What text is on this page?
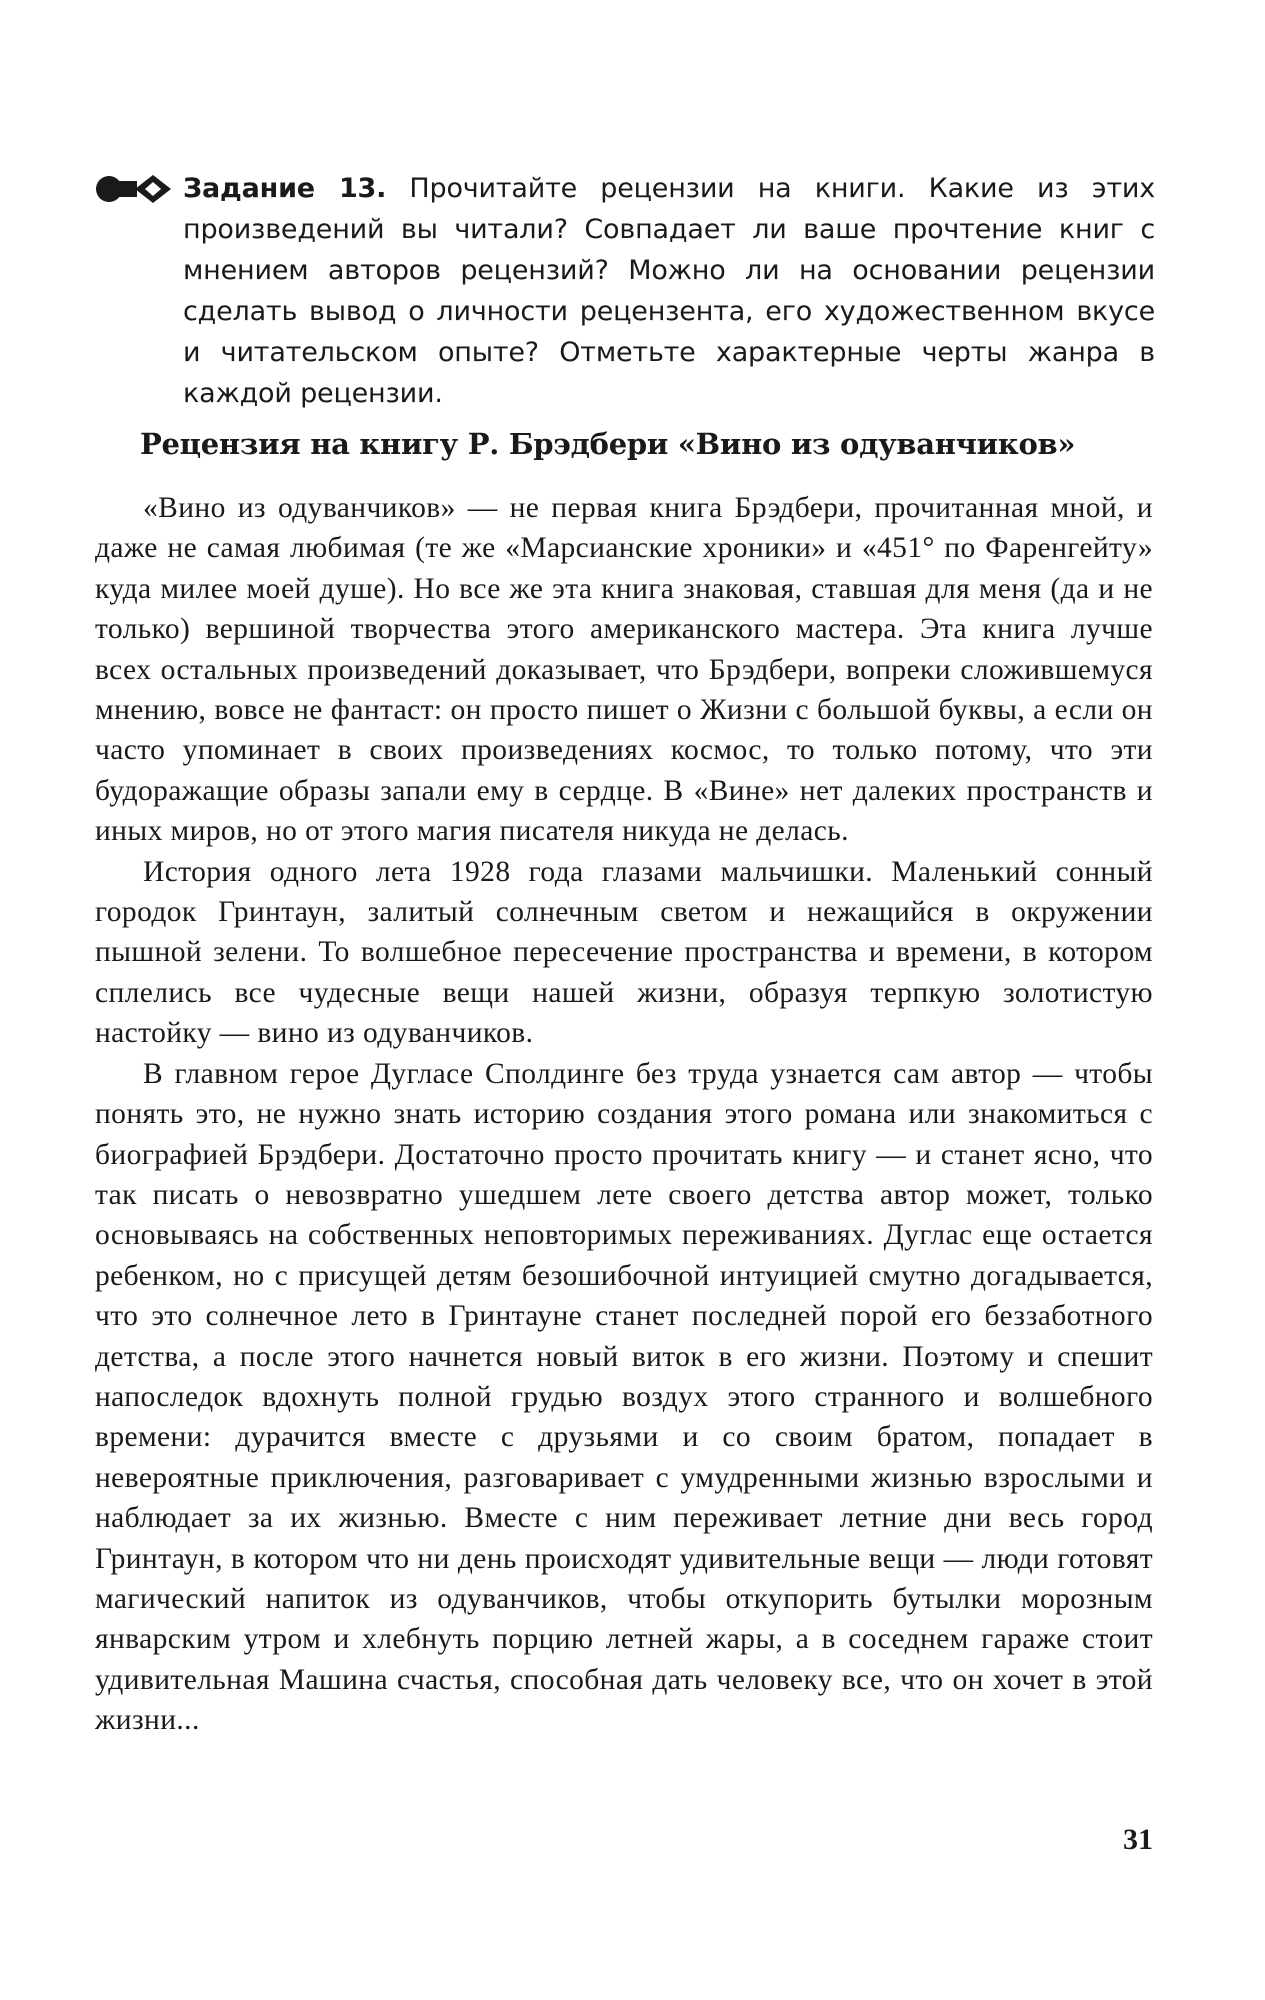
Задание 13. Прочитайте рецензии на книги. Какие из этих произведений вы читали? Совпадает ли ваше прочтение книг с мнением авторов рецензий? Можно ли на основании рецензии сделать вывод о личности рецензента, его художественном вкусе и читательском опыте? Отметьте характерные черты жанра в каждой рецензии.
Рецензия на книгу Р. Брэдбери «Вино из одуванчиков»

«Вино из одуванчиков» — не первая книга Брэдбери, прочитанная мной, и даже не самая любимая (те же «Марсианские хроники» и «451° по Фаренгейту» куда милее моей душе). Но все же эта книга знаковая, ставшая для меня (да и не только) вершиной творчества этого американского мастера. Эта книга лучше всех остальных произведений доказывает, что Брэдбери, вопреки сложившемуся мнению, вовсе не фантаст: он просто пишет о Жизни с большой буквы, а если он часто упоминает в своих произведениях космос, то только потому, что эти будоражащие образы запали ему в сердце. В «Вине» нет далеких пространств и иных миров, но от этого магия писателя никуда не делась.

История одного лета 1928 года глазами мальчишки. Маленький сонный городок Гринтаун, залитый солнечным светом и нежащийся в окружении пышной зелени. То волшебное пересечение пространства и времени, в котором сплелись все чудесные вещи нашей жизни, образуя терпкую золотистую настойку — вино из одуванчиков.

В главном герое Дугласе Сполдинге без труда узнается сам автор — чтобы понять это, не нужно знать историю создания этого романа или знакомиться с биографией Брэдбери. Достаточно просто прочитать книгу — и станет ясно, что так писать о невозвратно ушедшем лете своего детства автор может, только основываясь на собственных неповторимых переживаниях. Дуглас еще остается ребенком, но с присущей детям безошибочной интуицией смутно догадывается, что это солнечное лето в Гринтауне станет последней порой его беззаботного детства, а после этого начнется новый виток в его жизни. Поэтому и спешит напоследок вдохнуть полной грудью воздух этого странного и волшебного времени: дурачится вместе с друзьями и со своим братом, попадает в невероятные приключения, разговаривает с умудренными жизнью взрослыми и наблюдает за их жизнью. Вместе с ним переживает летние дни весь город Гринтаун, в котором что ни день происходят удивительные вещи — люди готовят магический напиток из одуванчиков, чтобы откупорить бутылки морозным январским утром и хлебнуть порцию летней жары, а в соседнем гараже стоит удивительная Машина счастья, способная дать человеку все, что он хочет в этой жизни...

31
